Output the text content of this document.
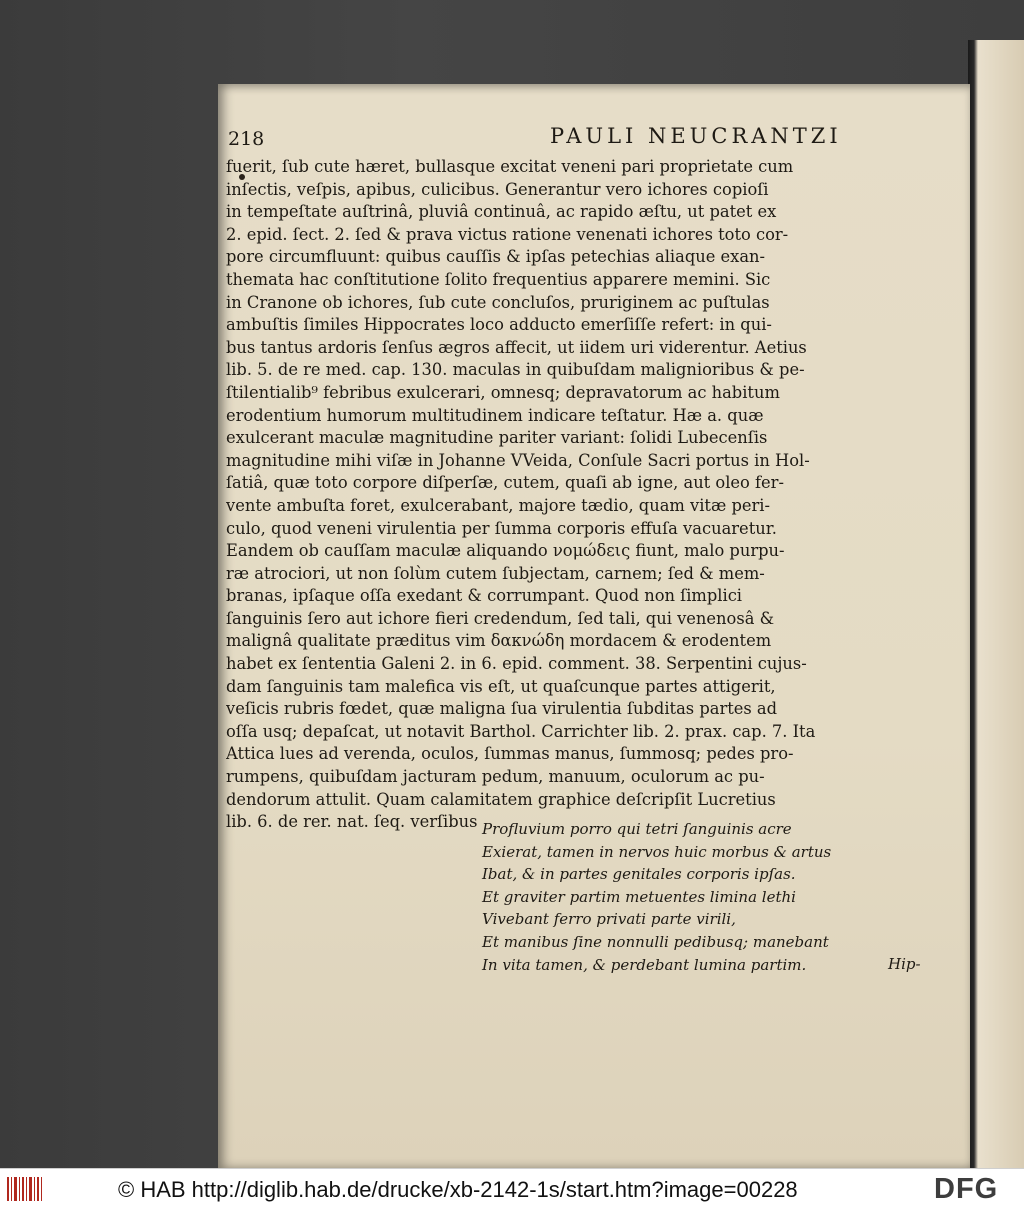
218	PAULI NEUCRANTZI
fuerit, ſub cute hæret, bullasque excitat veneni pari proprietate cum
inſectis, veſpis, apibus, culicibus. Generantur vero ichores copioſi
in tempeſtate auſtrinâ, pluviâ continuâ, ac rapido æſtu, ut patet ex
2. epid. ſect. 2. ſed & prava victus ratione venenati ichores toto cor-
pore circumfluunt: quibus cauſſis & ipſas petechias aliaque exan-
themata hac conſtitutione ſolito frequentius apparere memini. Sic
in Cranone ob ichores, ſub cute concluſos, pruriginem ac puſtulas
ambuſtis ſimiles Hippocrates loco adducto emerſiſſe refert: in qui-
bus tantus ardoris ſenſus ægros affecit, ut iidem uri viderentur. Aetius
lib. 5. de re med. cap. 130. maculas in quibuſdam malignioribus & pe-
ſtilentialib⁹ febribus exulcerari, omnesq; depravatorum ac habitum
erodentium humorum multitudinem indicare teſtatur. Hæ a. quæ
exulcerant maculæ magnitudine pariter variant: ſolidi Lubecenſis
magnitudine mihi viſæ in Johanne VVeida, Conſule Sacri portus in Hol-
ſatiâ, quæ toto corpore diſperſæ, cutem, quaſi ab igne, aut oleo fer-
vente ambuſta foret, exulcerabant, majore tædio, quam vitæ peri-
culo, quod veneni virulentia per ſumma corporis effuſa vacuaretur.
Eandem ob cauſſam maculæ aliquando νομώδεις fiunt, malo purpu-
ræ atrociori, ut non ſolùm cutem ſubjectam, carnem; ſed & mem-
branas, ipſaque oſſa exedant & corrumpant. Quod non ſimplici
ſanguinis ſero aut ichore fieri credendum, ſed tali, qui venenosâ &
malignâ qualitate præditus vim δακνώδη mordacem & erodentem
habet ex ſententia Galeni 2. in 6. epid. comment. 38. Serpentini cujus-
dam ſanguinis tam malefica vis eſt, ut quaſcunque partes attigerit,
veſicis rubris fœdet, quæ maligna ſua virulentia ſubditas partes ad
oſſa usq; depaſcat, ut notavit Barthol. Carrichter lib. 2. prax. cap. 7. Ita
Attica lues ad verenda, oculos, ſummas manus, ſummosq; pedes pro-
rumpens, quibuſdam jacturam pedum, manuum, oculorum ac pu-
dendorum attulit. Quam calamitatem graphice deſcripſit Lucretius
lib. 6. de rer. nat. ſeq. verſibus Profluvium porro qui tetri ſanguinis acre
Exierat, tamen in nervos huic morbus & artus
Ibat, & in partes genitales corporis ipſas.
Et graviter partim metuentes limina lethi
Vivebant ferro privati parte virili,
Et manibus ſine nonnulli pedibusq; manebant
In vita tamen, & perdebant lumina partim.	Hip-
© HAB http://diglib.hab.de/drucke/xb-2142-1s/start.htm?image=00228	DFG
